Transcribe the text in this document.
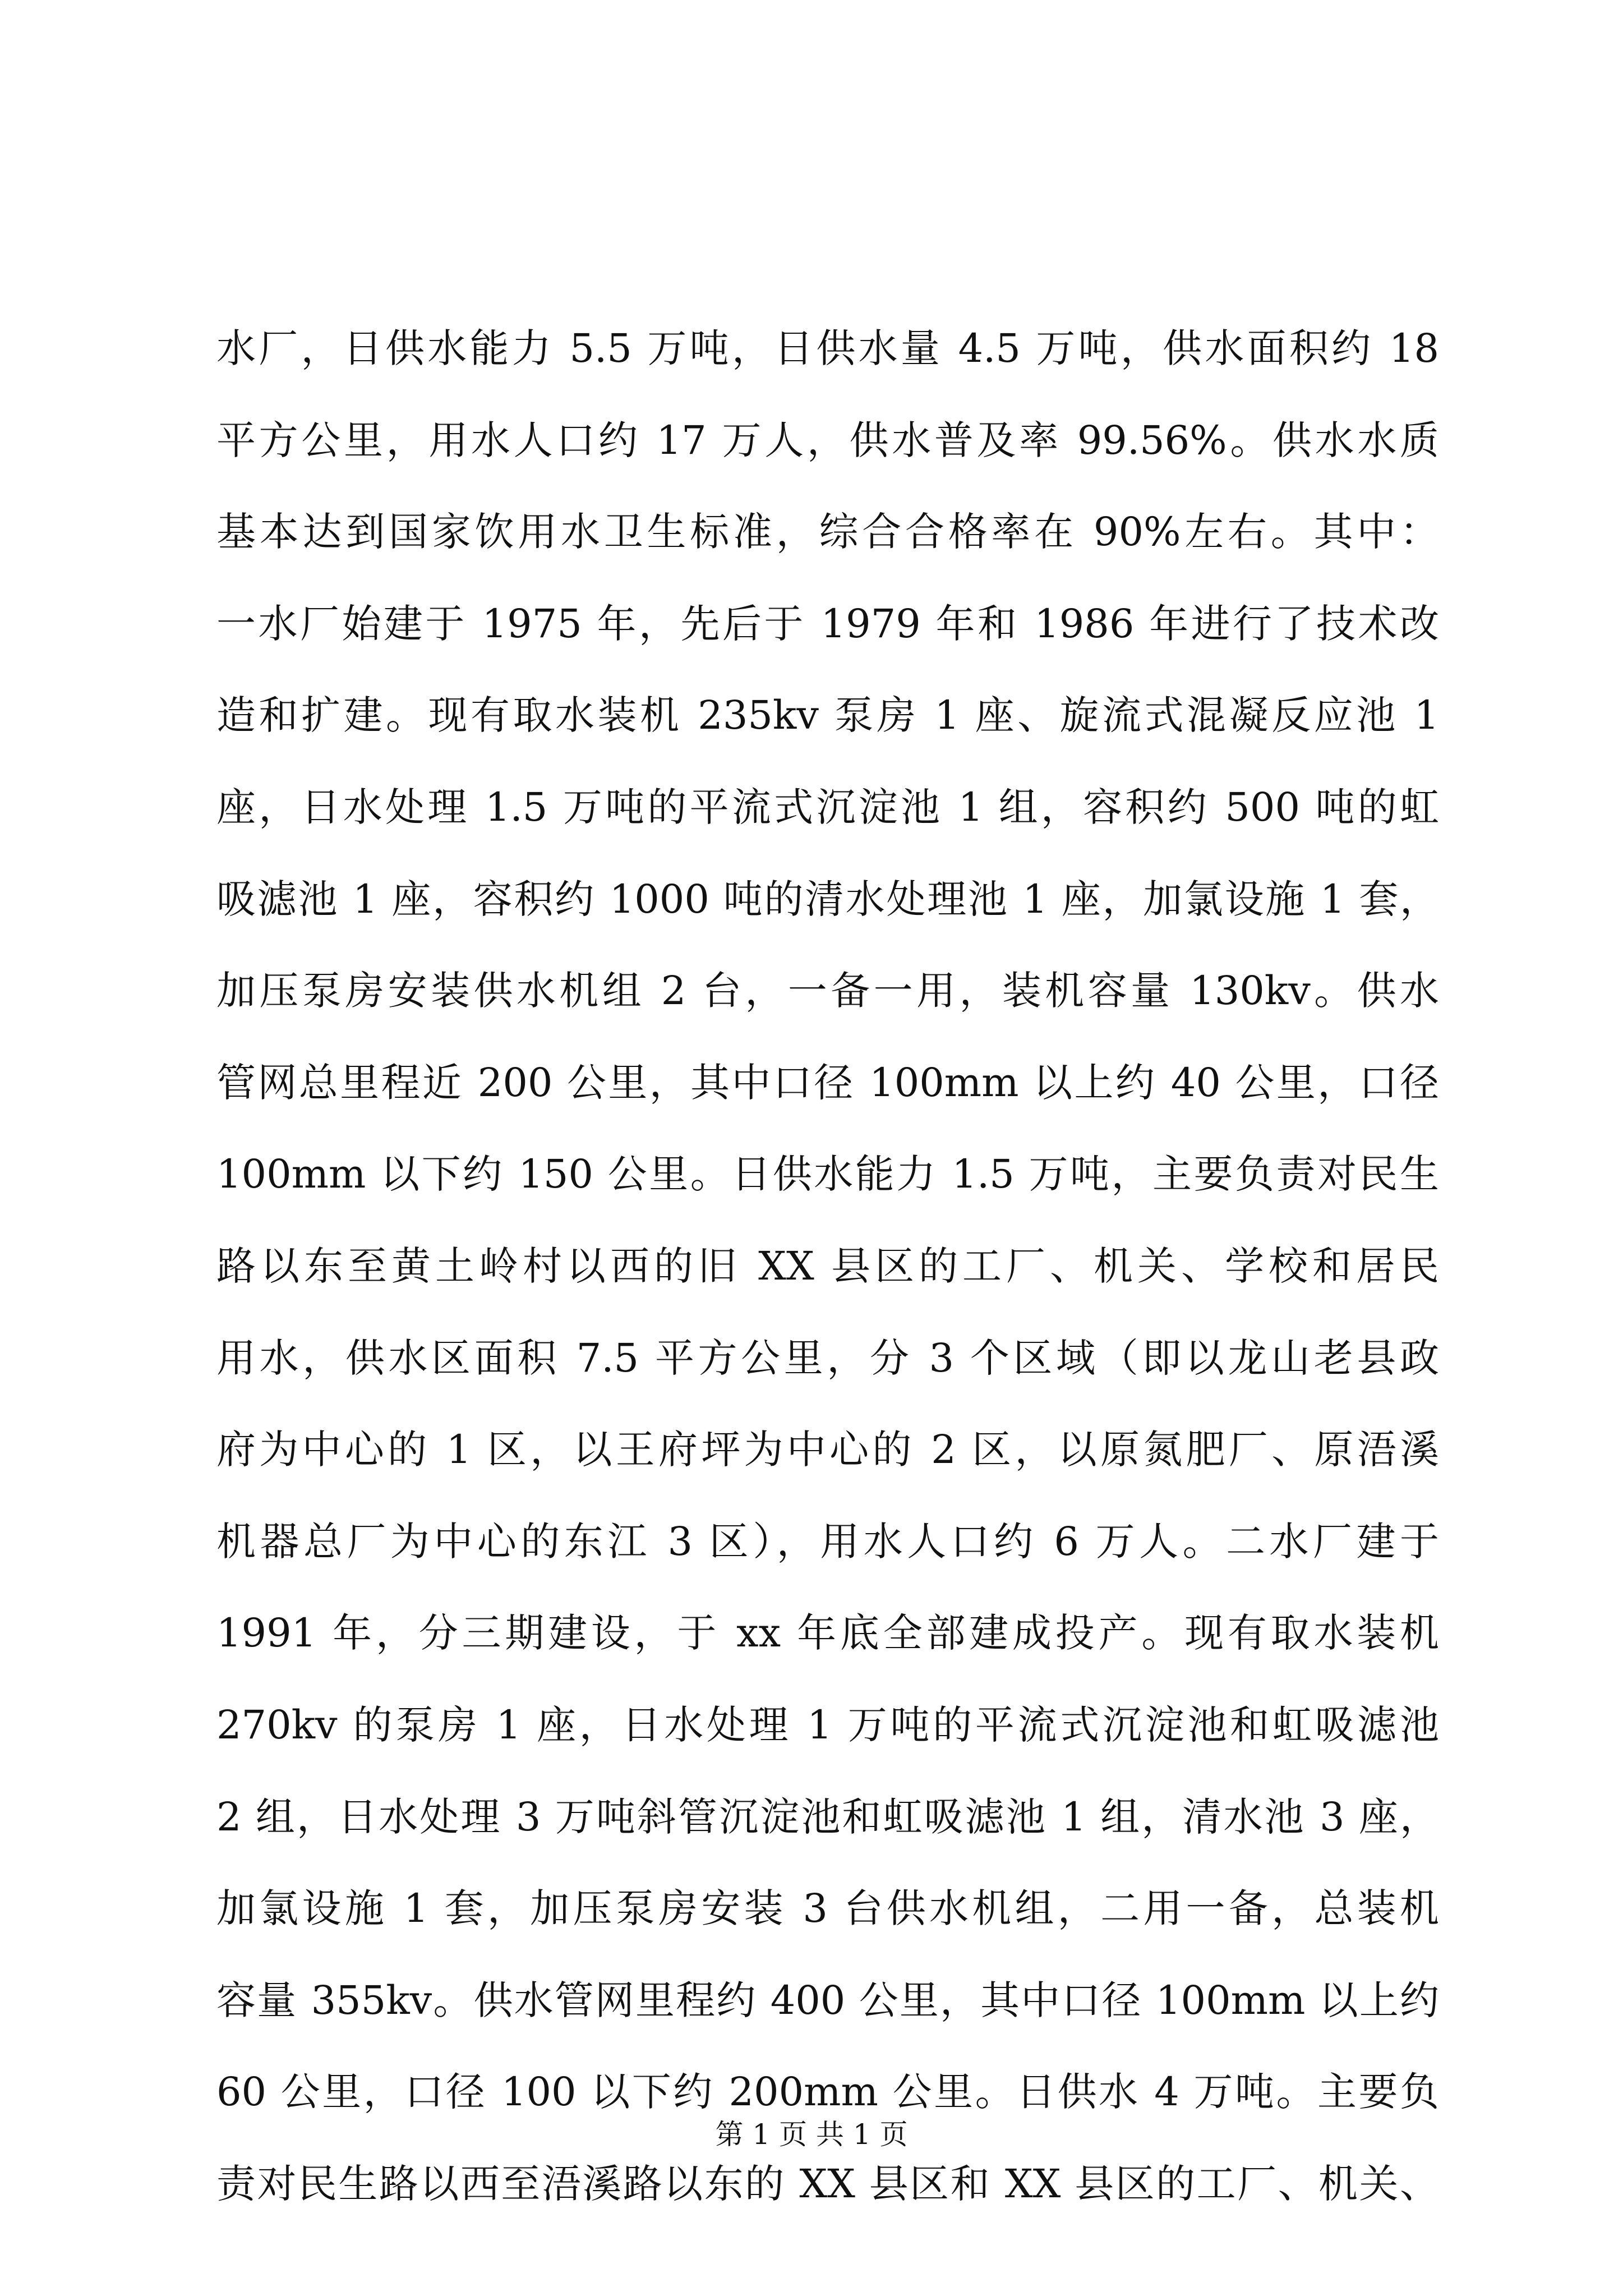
水厂，日供水能力 5.5 万吨，日供水量 4.5 万吨，供水面积约 18
平方公里，用水人口约 17 万人，供水普及率 99.56%。供水水质
基本达到国家饮用水卫生标准，综合合格率在 90%左右。其中：
一水厂始建于 1975 年，先后于 1979 年和 1986 年进行了技术改
造和扩建。现有取水装机 235kv 泵房 1 座、旋流式混凝反应池 1
座，日水处理 1.5 万吨的平流式沉淀池 1 组，容积约 500 吨的虹
吸滤池 1 座，容积约 1000 吨的清水处理池 1 座，加氯设施 1 套，
加压泵房安装供水机组 2 台，一备一用，装机容量 130kv。供水
管网总里程近 200 公里，其中口径 100mm 以上约 40 公里，口径
100mm 以下约 150 公里。日供水能力 1.5 万吨，主要负责对民生
路以东至黄土岭村以西的旧 XX 县区的工厂、机关、学校和居民
用水，供水区面积 7.5 平方公里，分 3 个区域（即以龙山老县政
府为中心的 1 区，以王府坪为中心的 2 区，以原氮肥厂、原浯溪
机器总厂为中心的东江 3 区），用水人口约 6 万人。二水厂建于
1991 年，分三期建设，于 xx 年底全部建成投产。现有取水装机
270kv 的泵房 1 座，日水处理 1 万吨的平流式沉淀池和虹吸滤池
2 组，日水处理 3 万吨斜管沉淀池和虹吸滤池 1 组，清水池 3 座，
加氯设施 1 套，加压泵房安装 3 台供水机组，二用一备，总装机
容量 355kv。供水管网里程约 400 公里，其中口径 100mm 以上约
60 公里，口径 100 以下约 200mm 公里。日供水 4 万吨。主要负
责对民生路以西至浯溪路以东的 XX 县区和 XX 县区的工厂、机关、
第 1 页 共 1 页
